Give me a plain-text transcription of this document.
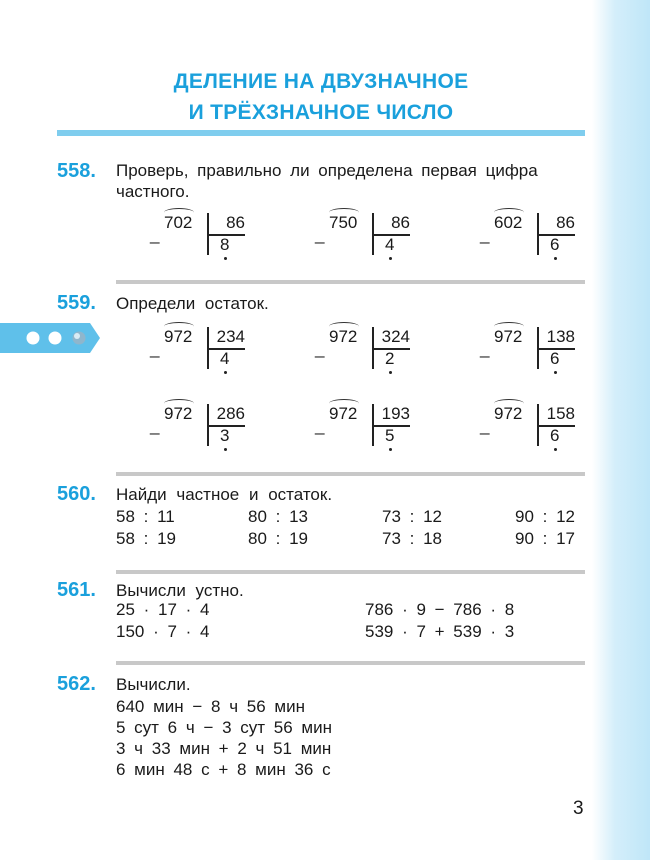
ДЕЛЕНИЕ НА ДВУЗНАЧНОЕ
И ТРЁХЗНАЧНОЕ ЧИСЛО
558. Проверь, правильно ли определена первая цифра
частного.
_
702	86
8
_
750	86
4
_
602	86
6
559. Определи остаток.
_
972	234
4
_
972	324
2
_
972	138
6
_
972	286
3
_
972	193
5
_
972	158
6
560. Найди частное и остаток.
58 : 11	80 : 13	73 : 12	90 : 12
58 : 19	80 : 19	73 : 18	90 : 17
561. Вычисли устно.
25 · 17 · 4	786 · 9 − 786 · 8
150 · 7 · 4	539 · 7 + 539 · 3
562. Вычисли.
640 мин − 8 ч 56 мин
5 сут 6 ч − 3 сут 56 мин
3 ч 33 мин + 2 ч 51 мин
6 мин 48 с + 8 мин 36 с
3
